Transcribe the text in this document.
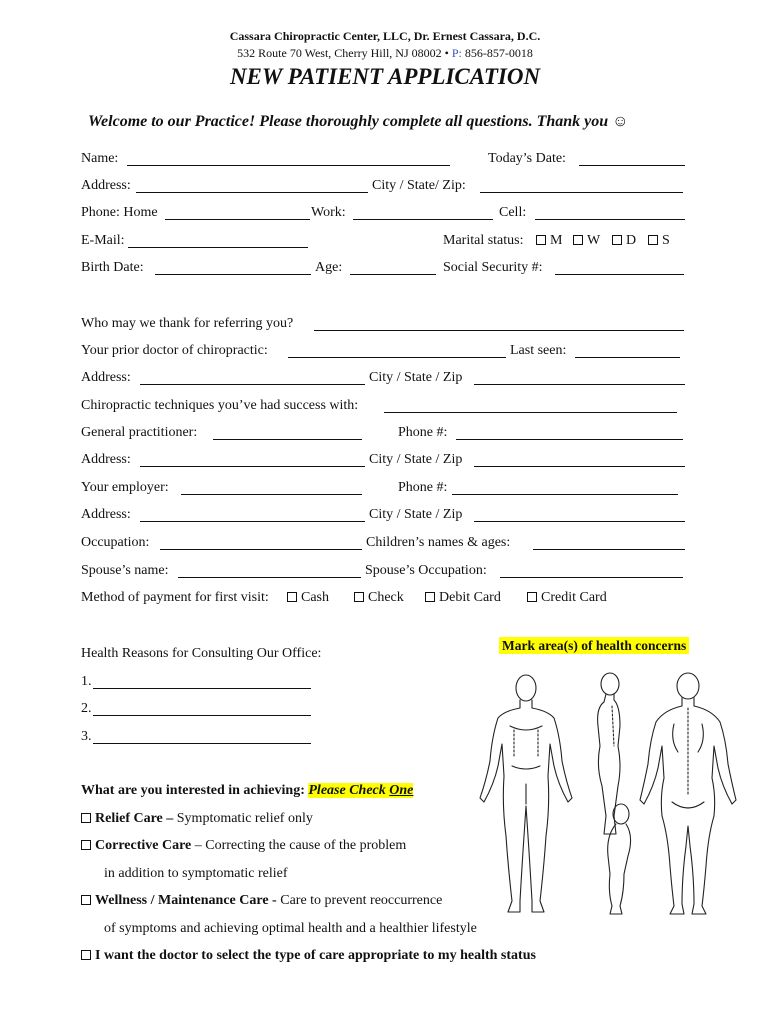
Cassara Chiropractic Center, LLC, Dr. Ernest Cassara, D.C.
532 Route 70 West, Cherry Hill, NJ 08002 • P: 856-857-0018
NEW PATIENT APPLICATION
Welcome to our Practice! Please thoroughly complete all questions. Thank you ☺
Name:	Today’s Date:
Address:	City / State/ Zip:
Phone: Home	Work:	Cell:
E-Mail:	Marital status:	M	W	D	S
Birth Date:	Age:	Social Security #:
Who may we thank for referring you?
Your prior doctor of chiropractic:	Last seen:
Address:	City / State / Zip
Chiropractic techniques you’ve had success with:
General practitioner:	Phone #:
Address:	City / State / Zip
Your employer:	Phone #:
Address:	City / State / Zip
Occupation:	Children’s names & ages:
Spouse’s name:	Spouse’s Occupation:
Method of payment for first visit:	Cash	Check	Debit Card	Credit Card
Mark area(s) of health concerns
Health Reasons for Consulting Our Office:
1.
2.
3.
What are you interested in achieving: Please Check One
Relief Care – Symptomatic relief only
Corrective Care – Correcting the cause of the problem
in addition to symptomatic relief
Wellness / Maintenance Care - Care to prevent reoccurrence
of symptoms and achieving optimal health and a healthier lifestyle
I want the doctor to select the type of care appropriate to my health status
